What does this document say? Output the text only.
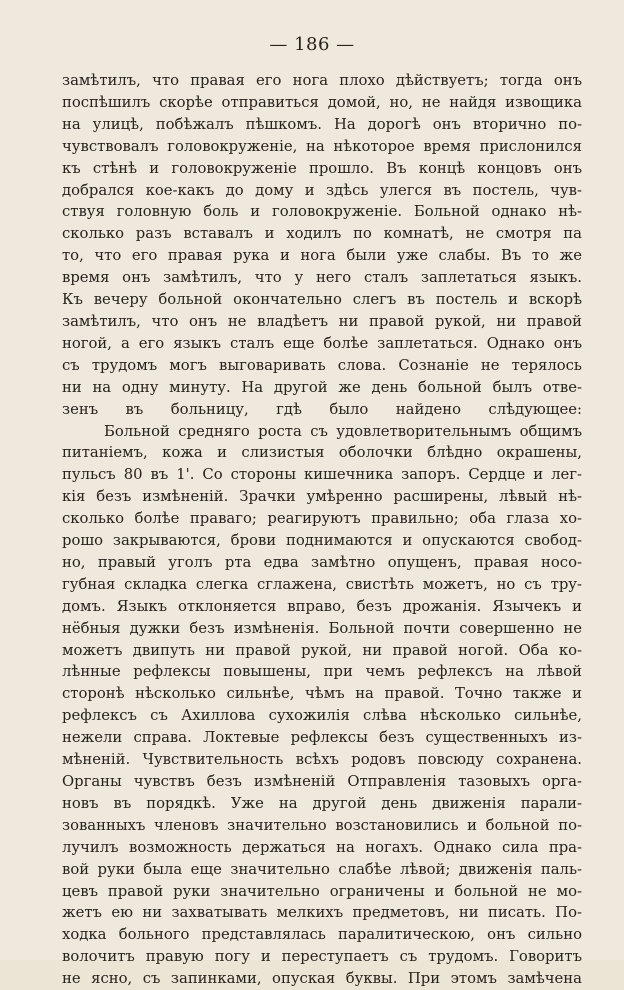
— 186 —
замѣтилъ, что правая его нога плохо дѣйствуетъ; тогда онъ
поспѣшилъ скорѣе отправиться домой, но, не найдя извощика
на улицѣ, побѣжалъ пѣшкомъ. На дорогѣ онъ вторично по-
чувствовалъ головокруженіе, на нѣкоторое время прислонился
къ стѣнѣ и головокруженіе прошло. Въ концѣ концовъ онъ
добрался кое-какъ до дому и здѣсь улегся въ постель, чув-
ствуя головную боль и головокруженіе. Больной однако нѣ-
сколько разъ вставалъ и ходилъ по комнатѣ, не смотря па
то, что его правая рука и нога были уже слабы. Въ то же
время онъ замѣтилъ, что у него сталъ заплетаться языкъ.
Къ вечеру больной окончательно слегъ въ постель и вскорѣ
замѣтилъ, что онъ не владѣетъ ни правой рукой, ни правой
ногой, а его языкъ сталъ еще болѣе заплетаться. Однако онъ
съ трудомъ могъ выговаривать слова. Сознаніе не терялось
ни на одну минуту. На другой же день больной былъ отве-
зенъ въ больницу, гдѣ было найдено слѣдующее:
Больной средняго роста съ удовлетворительнымъ общимъ
питаніемъ, кожа и слизистыя оболочки блѣдно окрашены,
пульсъ 80 въ 1'. Со стороны кишечника запоръ. Сердце и лег-
кія безъ измѣненій. Зрачки умѣренно расширены, лѣвый нѣ-
сколько болѣе праваго; реагируютъ правильно; оба глаза хо-
рошо закрываются, брови поднимаются и опускаются свобод-
но, правый уголъ рта едва замѣтно опущенъ, правая носо-
губная складка слегка сглажена, свистѣть можетъ, но съ тру-
домъ. Языкъ отклоняется вправо, безъ дрожанія. Язычекъ и
нёбныя дужки безъ измѣненія. Больной почти совершенно не
можетъ двипуть ни правой рукой, ни правой ногой. Оба ко-
лѣнные рефлексы повышены, при чемъ рефлексъ на лѣвой
сторонѣ нѣсколько сильнѣе, чѣмъ на правой. Точно также и
рефлексъ съ Ахиллова сухожилія слѣва нѣсколько сильнѣе,
нежели справа. Локтевые рефлексы безъ существенныхъ из-
мѣненій. Чувствительность всѣхъ родовъ повсюду сохранена.
Органы чувствъ безъ измѣненій Отправленія тазовыхъ орга-
новъ въ порядкѣ. Уже на другой день движенія парали-
зованныхъ членовъ значительно возстановились и больной по-
лучилъ возможность держаться на ногахъ. Однако сила пра-
вой руки была еще значительно слабѣе лѣвой; движенія паль-
цевъ правой руки значительно ограничены и больной не мо-
жетъ ею ни захватывать мелкихъ предметовъ, ни писать. По-
ходка больного представлялась паралитическою, онъ сильно
волочитъ правую погу и переступаетъ съ трудомъ. Говоритъ
не ясно, съ запинками, опуская буквы. При этомъ замѣчена
